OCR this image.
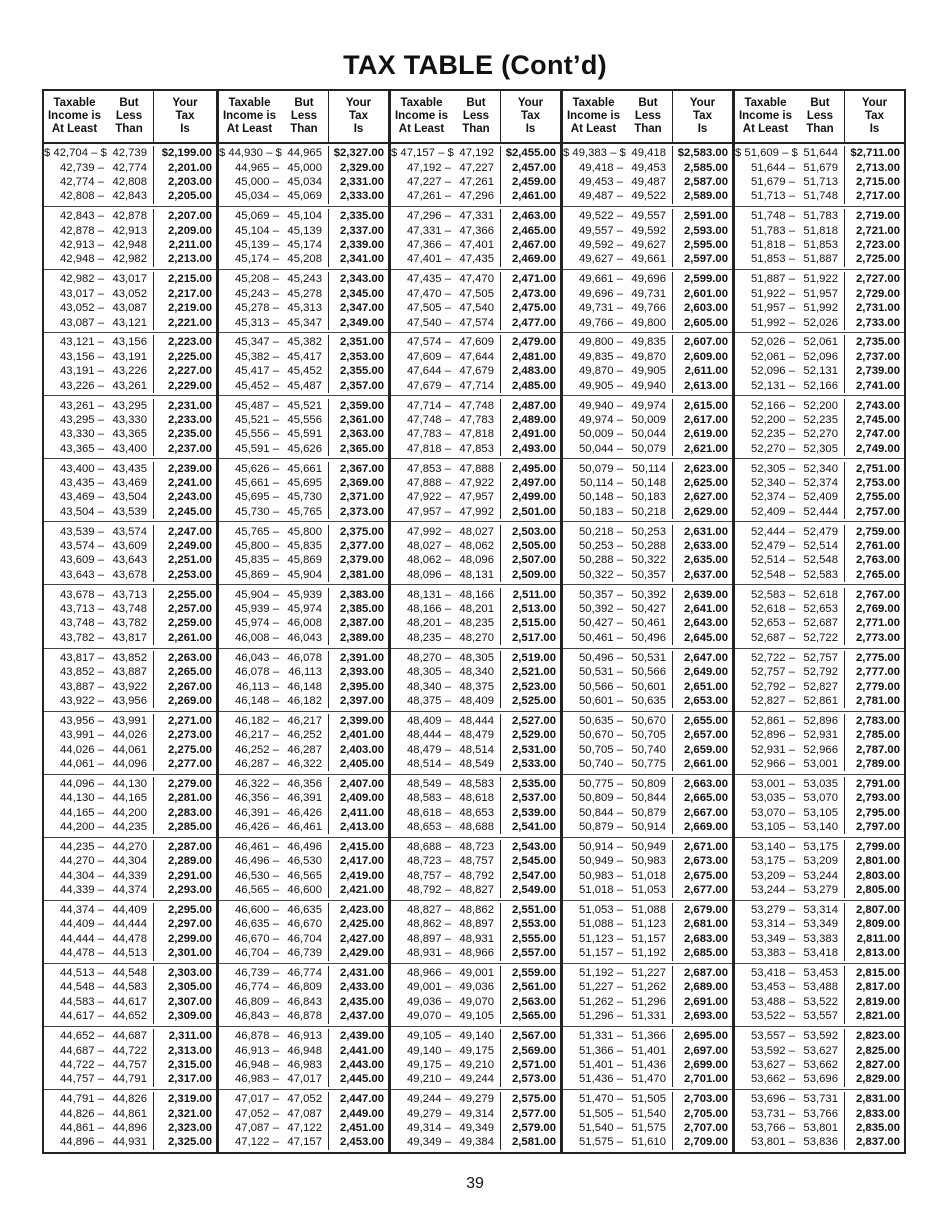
TAX TABLE (Cont’d)
Taxable
Income is
At Least
But
Less
Than
Your
Tax
Is
$ 42,704 – $ 42,739	$2,199.00
42,739 – 42,774	2,201.00
42,774 – 42,808	2,203.00
42,808 – 42,843	2,205.00
42,843 – 42,878	2,207.00
42,878 – 42,913	2,209.00
42,913 – 42,948	2,211.00
42,948 – 42,982	2,213.00
42,982 – 43,017	2,215.00
43,017 – 43,052	2,217.00
43,052 – 43,087	2,219.00
43,087 – 43,121	2,221.00
43,121 – 43,156	2,223.00
43,156 – 43,191	2,225.00
43,191 – 43,226	2,227.00
43,226 – 43,261	2,229.00
43,261 – 43,295	2,231.00
43,295 – 43,330	2,233.00
43,330 – 43,365	2,235.00
43,365 – 43,400	2,237.00
43,400 – 43,435	2,239.00
43,435 – 43,469	2,241.00
43,469 – 43,504	2,243.00
43,504 – 43,539	2,245.00
43,539 – 43,574	2,247.00
43,574 – 43,609	2,249.00
43,609 – 43,643	2,251.00
43,643 – 43,678	2,253.00
43,678 – 43,713	2,255.00
43,713 – 43,748	2,257.00
43,748 – 43,782	2,259.00
43,782 – 43,817	2,261.00
43,817 – 43,852	2,263.00
43,852 – 43,887	2,265.00
43,887 – 43,922	2,267.00
43,922 – 43,956	2,269.00
43,956 – 43,991	2,271.00
43,991 – 44,026	2,273.00
44,026 – 44,061	2,275.00
44,061 – 44,096	2,277.00
44,096 – 44,130	2,279.00
44,130 – 44,165	2,281.00
44,165 – 44,200	2,283.00
44,200 – 44,235	2,285.00
44,235 – 44,270	2,287.00
44,270 – 44,304	2,289.00
44,304 – 44,339	2,291.00
44,339 – 44,374	2,293.00
44,374 – 44,409	2,295.00
44,409 – 44,444	2,297.00
44,444 – 44,478	2,299.00
44,478 – 44,513	2,301.00
44,513 – 44,548	2,303.00
44,548 – 44,583	2,305.00
44,583 – 44,617	2,307.00
44,617 – 44,652	2,309.00
44,652 – 44,687	2,311.00
44,687 – 44,722	2,313.00
44,722 – 44,757	2,315.00
44,757 – 44,791	2,317.00
44,791 – 44,826	2,319.00
44,826 – 44,861	2,321.00
44,861 – 44,896	2,323.00
44,896 – 44,931	2,325.00
Taxable
Income is
At Least
But
Less
Than
Your
Tax
Is
$ 44,930 – $ 44,965	$2,327.00
44,965 – 45,000	2,329.00
45,000 – 45,034	2,331.00
45,034 – 45,069	2,333.00
45,069 – 45,104	2,335.00
45,104 – 45,139	2,337.00
45,139 – 45,174	2,339.00
45,174 – 45,208	2,341.00
45,208 – 45,243	2,343.00
45,243 – 45,278	2,345.00
45,278 – 45,313	2,347.00
45,313 – 45,347	2,349.00
45,347 – 45,382	2,351.00
45,382 – 45,417	2,353.00
45,417 – 45,452	2,355.00
45,452 – 45,487	2,357.00
45,487 – 45,521	2,359.00
45,521 – 45,556	2,361.00
45,556 – 45,591	2,363.00
45,591 – 45,626	2,365.00
45,626 – 45,661	2,367.00
45,661 – 45,695	2,369.00
45,695 – 45,730	2,371.00
45,730 – 45,765	2,373.00
45,765 – 45,800	2,375.00
45,800 – 45,835	2,377.00
45,835 – 45,869	2,379.00
45,869 – 45,904	2,381.00
45,904 – 45,939	2,383.00
45,939 – 45,974	2,385.00
45,974 – 46,008	2,387.00
46,008 – 46,043	2,389.00
46,043 – 46,078	2,391.00
46,078 – 46,113	2,393.00
46,113 – 46,148	2,395.00
46,148 – 46,182	2,397.00
46,182 – 46,217	2,399.00
46,217 – 46,252	2,401.00
46,252 – 46,287	2,403.00
46,287 – 46,322	2,405.00
46,322 – 46,356	2,407.00
46,356 – 46,391	2,409.00
46,391 – 46,426	2,411.00
46,426 – 46,461	2,413.00
46,461 – 46,496	2,415.00
46,496 – 46,530	2,417.00
46,530 – 46,565	2,419.00
46,565 – 46,600	2,421.00
46,600 – 46,635	2,423.00
46,635 – 46,670	2,425.00
46,670 – 46,704	2,427.00
46,704 – 46,739	2,429.00
46,739 – 46,774	2,431.00
46,774 – 46,809	2,433.00
46,809 – 46,843	2,435.00
46,843 – 46,878	2,437.00
46,878 – 46,913	2,439.00
46,913 – 46,948	2,441.00
46,948 – 46,983	2,443.00
46,983 – 47,017	2,445.00
47,017 – 47,052	2,447.00
47,052 – 47,087	2,449.00
47,087 – 47,122	2,451.00
47,122 – 47,157	2,453.00
Taxable
Income is
At Least
But
Less
Than
Your
Tax
Is
$ 47,157 – $ 47,192	$2,455.00
47,192 – 47,227	2,457.00
47,227 – 47,261	2,459.00
47,261 – 47,296	2,461.00
47,296 – 47,331	2,463.00
47,331 – 47,366	2,465.00
47,366 – 47,401	2,467.00
47,401 – 47,435	2,469.00
47,435 – 47,470	2,471.00
47,470 – 47,505	2,473.00
47,505 – 47,540	2,475.00
47,540 – 47,574	2,477.00
47,574 – 47,609	2,479.00
47,609 – 47,644	2,481.00
47,644 – 47,679	2,483.00
47,679 – 47,714	2,485.00
47,714 – 47,748	2,487.00
47,748 – 47,783	2,489.00
47,783 – 47,818	2,491.00
47,818 – 47,853	2,493.00
47,853 – 47,888	2,495.00
47,888 – 47,922	2,497.00
47,922 – 47,957	2,499.00
47,957 – 47,992	2,501.00
47,992 – 48,027	2,503.00
48,027 – 48,062	2,505.00
48,062 – 48,096	2,507.00
48,096 – 48,131	2,509.00
48,131 – 48,166	2,511.00
48,166 – 48,201	2,513.00
48,201 – 48,235	2,515.00
48,235 – 48,270	2,517.00
48,270 – 48,305	2,519.00
48,305 – 48,340	2,521.00
48,340 – 48,375	2,523.00
48,375 – 48,409	2,525.00
48,409 – 48,444	2,527.00
48,444 – 48,479	2,529.00
48,479 – 48,514	2,531.00
48,514 – 48,549	2,533.00
48,549 – 48,583	2,535.00
48,583 – 48,618	2,537.00
48,618 – 48,653	2,539.00
48,653 – 48,688	2,541.00
48,688 – 48,723	2,543.00
48,723 – 48,757	2,545.00
48,757 – 48,792	2,547.00
48,792 – 48,827	2,549.00
48,827 – 48,862	2,551.00
48,862 – 48,897	2,553.00
48,897 – 48,931	2,555.00
48,931 – 48,966	2,557.00
48,966 – 49,001	2,559.00
49,001 – 49,036	2,561.00
49,036 – 49,070	2,563.00
49,070 – 49,105	2,565.00
49,105 – 49,140	2,567.00
49,140 – 49,175	2,569.00
49,175 – 49,210	2,571.00
49,210 – 49,244	2,573.00
49,244 – 49,279	2,575.00
49,279 – 49,314	2,577.00
49,314 – 49,349	2,579.00
49,349 – 49,384	2,581.00
Taxable
Income is
At Least
But
Less
Than
Your
Tax
Is
$ 49,383 – $ 49,418	$2,583.00
49,418 – 49,453	2,585.00
49,453 – 49,487	2,587.00
49,487 – 49,522	2,589.00
49,522 – 49,557	2,591.00
49,557 – 49,592	2,593.00
49,592 – 49,627	2,595.00
49,627 – 49,661	2,597.00
49,661 – 49,696	2,599.00
49,696 – 49,731	2,601.00
49,731 – 49,766	2,603.00
49,766 – 49,800	2,605.00
49,800 – 49,835	2,607.00
49,835 – 49,870	2,609.00
49,870 – 49,905	2,611.00
49,905 – 49,940	2,613.00
49,940 – 49,974	2,615.00
49,974 – 50,009	2,617.00
50,009 – 50,044	2,619.00
50,044 – 50,079	2,621.00
50,079 – 50,114	2,623.00
50,114 – 50,148	2,625.00
50,148 – 50,183	2,627.00
50,183 – 50,218	2,629.00
50,218 – 50,253	2,631.00
50,253 – 50,288	2,633.00
50,288 – 50,322	2,635.00
50,322 – 50,357	2,637.00
50,357 – 50,392	2,639.00
50,392 – 50,427	2,641.00
50,427 – 50,461	2,643.00
50,461 – 50,496	2,645.00
50,496 – 50,531	2,647.00
50,531 – 50,566	2,649.00
50,566 – 50,601	2,651.00
50,601 – 50,635	2,653.00
50,635 – 50,670	2,655.00
50,670 – 50,705	2,657.00
50,705 – 50,740	2,659.00
50,740 – 50,775	2,661.00
50,775 – 50,809	2,663.00
50,809 – 50,844	2,665.00
50,844 – 50,879	2,667.00
50,879 – 50,914	2,669.00
50,914 – 50,949	2,671.00
50,949 – 50,983	2,673.00
50,983 – 51,018	2,675.00
51,018 – 51,053	2,677.00
51,053 – 51,088	2,679.00
51,088 – 51,123	2,681.00
51,123 – 51,157	2,683.00
51,157 – 51,192	2,685.00
51,192 – 51,227	2,687.00
51,227 – 51,262	2,689.00
51,262 – 51,296	2,691.00
51,296 – 51,331	2,693.00
51,331 – 51,366	2,695.00
51,366 – 51,401	2,697.00
51,401 – 51,436	2,699.00
51,436 – 51,470	2,701.00
51,470 – 51,505	2,703.00
51,505 – 51,540	2,705.00
51,540 – 51,575	2,707.00
51,575 – 51,610	2,709.00
Taxable
Income is
At Least
But
Less
Than
Your
Tax
Is
$ 51,609 – $ 51,644	$2,711.00
51,644 – 51,679	2,713.00
51,679 – 51,713	2,715.00
51,713 – 51,748	2,717.00
51,748 – 51,783	2,719.00
51,783 – 51,818	2,721.00
51,818 – 51,853	2,723.00
51,853 – 51,887	2,725.00
51,887 – 51,922	2,727.00
51,922 – 51,957	2,729.00
51,957 – 51,992	2,731.00
51,992 – 52,026	2,733.00
52,026 – 52,061	2,735.00
52,061 – 52,096	2,737.00
52,096 – 52,131	2,739.00
52,131 – 52,166	2,741.00
52,166 – 52,200	2,743.00
52,200 – 52,235	2,745.00
52,235 – 52,270	2,747.00
52,270 – 52,305	2,749.00
52,305 – 52,340	2,751.00
52,340 – 52,374	2,753.00
52,374 – 52,409	2,755.00
52,409 – 52,444	2,757.00
52,444 – 52,479	2,759.00
52,479 – 52,514	2,761.00
52,514 – 52,548	2,763.00
52,548 – 52,583	2,765.00
52,583 – 52,618	2,767.00
52,618 – 52,653	2,769.00
52,653 – 52,687	2,771.00
52,687 – 52,722	2,773.00
52,722 – 52,757	2,775.00
52,757 – 52,792	2,777.00
52,792 – 52,827	2,779.00
52,827 – 52,861	2,781.00
52,861 – 52,896	2,783.00
52,896 – 52,931	2,785.00
52,931 – 52,966	2,787.00
52,966 – 53,001	2,789.00
53,001 – 53,035	2,791.00
53,035 – 53,070	2,793.00
53,070 – 53,105	2,795.00
53,105 – 53,140	2,797.00
53,140 – 53,175	2,799.00
53,175 – 53,209	2,801.00
53,209 – 53,244	2,803.00
53,244 – 53,279	2,805.00
53,279 – 53,314	2,807.00
53,314 – 53,349	2,809.00
53,349 – 53,383	2,811.00
53,383 – 53,418	2,813.00
53,418 – 53,453	2,815.00
53,453 – 53,488	2,817.00
53,488 – 53,522	2,819.00
53,522 – 53,557	2,821.00
53,557 – 53,592	2,823.00
53,592 – 53,627	2,825.00
53,627 – 53,662	2,827.00
53,662 – 53,696	2,829.00
53,696 – 53,731	2,831.00
53,731 – 53,766	2,833.00
53,766 – 53,801	2,835.00
53,801 – 53,836	2,837.00
39
